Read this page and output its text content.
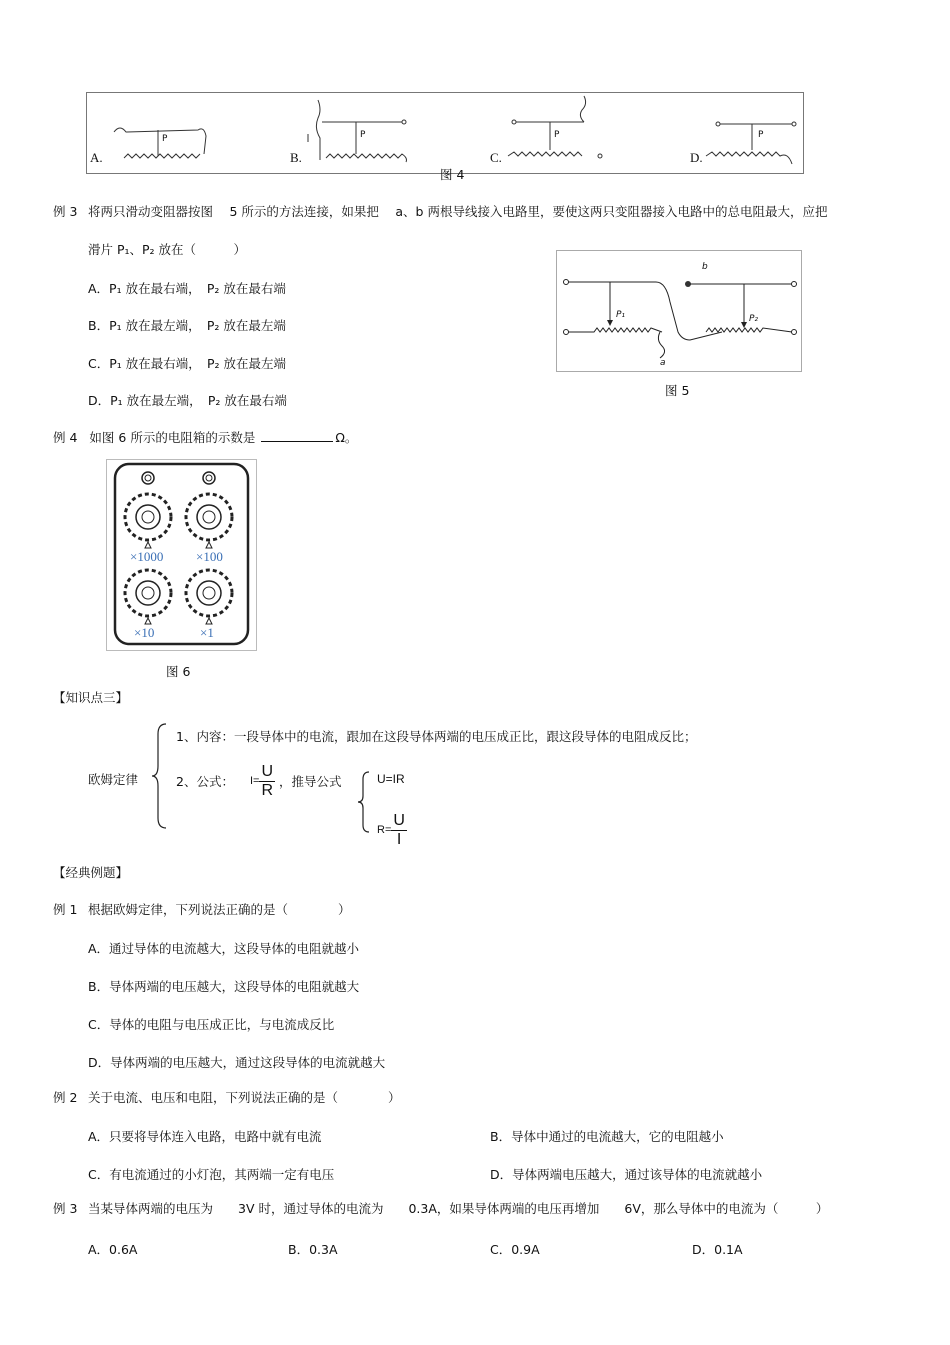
A.	B.	C.	D.
P	P	P	P
图 4
例 3 将两只滑动变阻器按图　 5 所示的方法连接，如果把　 a、b 两根导线接入电路里，要使这两只变阻器接入电路中的总电阻最大，应把
滑片 P₁、P₂ 放在（　　　）
A．P₁ 放在最右端，　P₂ 放在最右端
B．P₁ 放在最左端，　P₂ 放在最左端
C．P₁ 放在最右端，　P₂ 放在最左端
D．P₁ 放在最左端，　P₂ 放在最右端
P₁	P₂
a
b
图 5
例 4 如图 6 所示的电阻箱的示数是	Ω。
×1000	×100
×10	×1
图 6
【知识点三】
欧姆定律
1、内容：一段导体中的电流，跟加在这段导体两端的电压成正比，跟这段导体的电阻成反比；
2、公式： $I= \frac{U}{R}$ ，推导公式	U=IR
$R= \frac{U}{I}$
【经典例题】
例 1 根据欧姆定律，下列说法正确的是（　　　　）
A．通过导体的电流越大，这段导体的电阻就越小
B．导体两端的电压越大，这段导体的电阻就越大
C．导体的电阻与电压成正比，与电流成反比
D．导体两端的电压越大，通过这段导体的电流就越大
例 2 关于电流、电压和电阻，下列说法正确的是（　　　　）
A．只要将导体连入电路，电路中就有电流	B．导体中通过的电流越大，它的电阻越小
C．有电流通过的小灯泡，其两端一定有电压	D．导体两端电压越大，通过该导体的电流就越小
例 3 当某导体两端的电压为　　3V 时，通过导体的电流为　　0.3A，如果导体两端的电压再增加　　6V，那么导体中的电流为（　　　）
A．0.6A	B．0.3A	C．0.9A	D．0.1A
